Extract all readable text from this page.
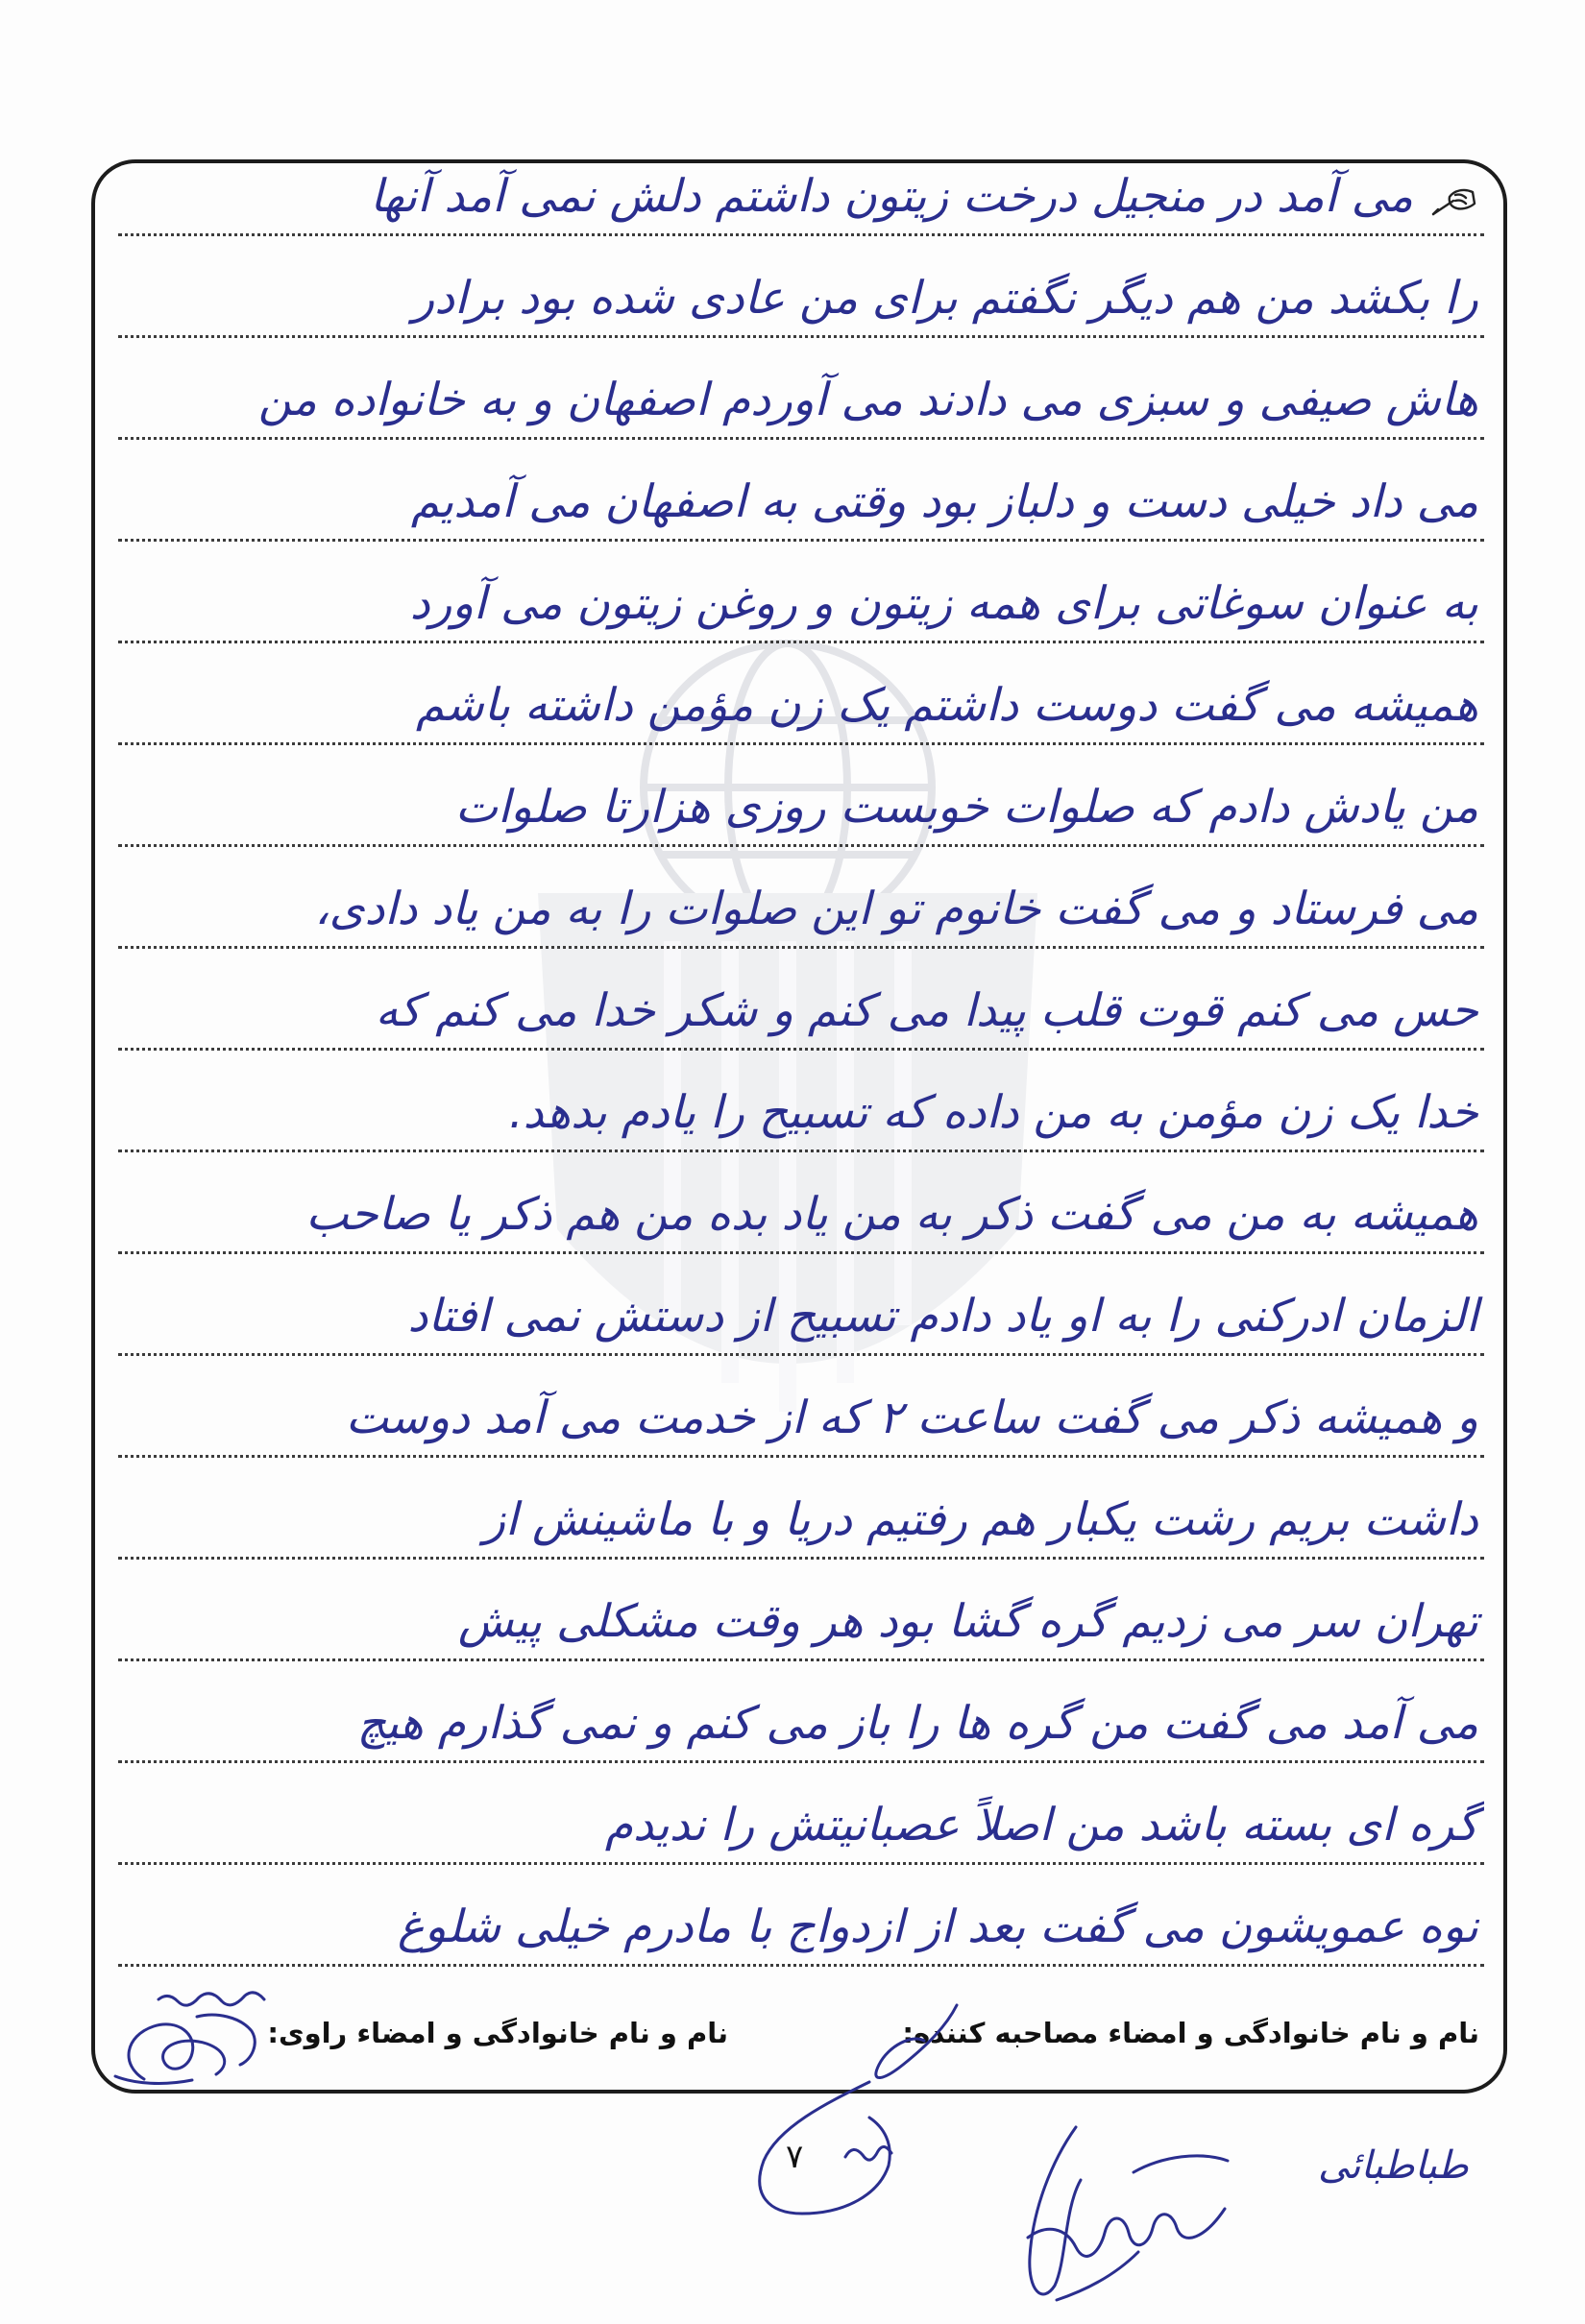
می آمد در منجیل درخت زیتون داشتم دلش نمی آمد آنها
را بکشد من هم دیگر نگفتم برای من عادی شده بود برادر
هاش صیفی و سبزی می دادند می آوردم اصفهان و به خانواده من
می داد خیلی دست و دلباز بود وقتی به اصفهان می آمدیم
به عنوان سوغاتی برای همه زیتون و روغن زیتون می آورد
همیشه می گفت دوست داشتم یک زن مؤمن داشته باشم
من یادش دادم که صلوات خوبست روزی هزارتا صلوات
می فرستاد و می گفت خانوم تو این صلوات را به من یاد دادی،
حس می کنم قوت قلب پیدا می کنم و شکر خدا می کنم که
خدا یک زن مؤمن به من داده که تسبیح را یادم بدهد.
همیشه به من می گفت ذکر به من یاد بده من هم ذکر یا صاحب
الزمان ادرکنی را به او یاد دادم تسبیح از دستش نمی افتاد
و همیشه ذکر می گفت ساعت ۲ که از خدمت می آمد دوست
داشت بریم رشت یکبار هم رفتیم دریا و با ماشینش از
تهران سر می زدیم گره گشا بود هر وقت مشکلی پیش
می آمد می گفت من گره ها را باز می کنم و نمی گذارم هیچ
گره ای بسته باشد من اصلاً عصبانیتش را ندیدم
نوه عمویشون می گفت بعد از ازدواج با مادرم خیلی شلوغ
نام و نام خانوادگی و امضاء مصاحبه کننده:
نام و نام خانوادگی و امضاء راوی:
۷	طباطبائی
